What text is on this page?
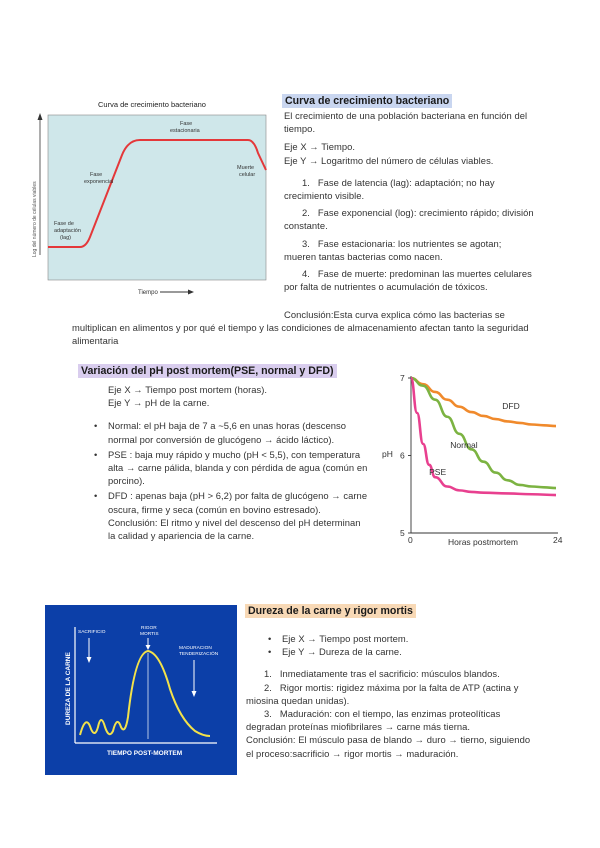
Curva de crecimiento bacteriano
Log del número de células viables	Fase de adaptación (lag)
Fase exponencial
Fase estacionaria
Muerte celular
Tiempo
Curva de crecimiento bacteriano
El crecimiento de una población bacteriana en función del tiempo.
Eje X → Tiempo.
Eje Y → Logaritmo del número de células viables.
1. Fase de latencia (lag): adaptación; no hay crecimiento visible.
2. Fase exponencial (log): crecimiento rápido; división constante.
3. Fase estacionaria: los nutrientes se agotan; mueren tantas bacterias como nacen.
4. Fase de muerte: predominan las muertes celulares por falta de nutrientes o acumulación de tóxicos.
Conclusión:Esta curva explica cómo las bacterias se multiplican en alimentos y por qué el tiempo y las condiciones de almacenamiento afectan tanto la seguridad alimentaria
Variación del pH post mortem(PSE, normal y DFD)
Eje X → Tiempo post mortem (horas).
Eje Y → pH de la carne.
• Normal: el pH baja de 7 a ~5,6 en unas horas (descenso normal por conversión de glucógeno → ácido láctico).
• PSE : baja muy rápido y mucho (pH < 5,5), con temperatura alta → carne pálida, blanda y con pérdida de agua (común en porcino).
• DFD : apenas baja (pH > 6,2) por falta de glucógeno → carne oscura, firme y seca (común en bovino estresado).
Conclusión: El ritmo y nivel del descenso del pH determinan la calidad y apariencia de la carne.
pH
Horas postmortem
7
6
5
0	24
DFD
Normal
PSE
DUREZA DE LA CARNE
TIEMPO POST-MORTEM
SACRIFICIO
RIGOR MORTIS
MADURACION TENDERIZACIÓN
Dureza de la carne y rigor mortis
• Eje X → Tiempo post mortem.
• Eje Y → Dureza de la carne.
1. Inmediatamente tras el sacrificio: músculos blandos.
2. Rigor mortis: rigidez máxima por la falta de ATP (actina y miosina quedan unidas).
3. Maduración: con el tiempo, las enzimas proteolíticas degradan proteínas miofibrilares → carne más tierna.
Conclusión: El músculo pasa de blando → duro → tierno, siguiendo el proceso:sacrificio → rigor mortis → maduración.
